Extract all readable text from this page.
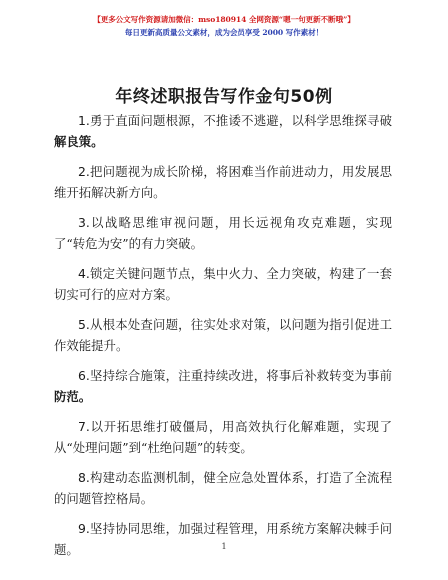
【更多公文写作资源请加微信：mso180914 全网资源“嗯一句更新不断哦”】
每日更新高质量公文素材，成为会员享受 2000 写作素材！
年终述职报告写作金句50例

1.勇于直面问题根源，不推诿不逃避，以科学思维探寻破解良策。

2.把问题视为成长阶梯，将困难当作前进动力，用发展思维开拓解决新方向。

3.以战略思维审视问题，用长远视角攻克难题，实现了“转危为安”的有力突破。

4.锁定关键问题节点，集中火力、全力突破，构建了一套切实可行的应对方案。

5.从根本处查问题，往实处求对策，以问题为指引促进工作效能提升。

6.坚持综合施策，注重持续改进，将事后补救转变为事前防范。

7.以开拓思维打破僵局，用高效执行化解难题，实现了从“处理问题”到“杜绝问题”的转变。

8.构建动态监测机制，健全应急处置体系，打造了全流程的问题管控格局。

9.坚持协同思维，加强过程管理，用系统方案解决棘手问题。	1
